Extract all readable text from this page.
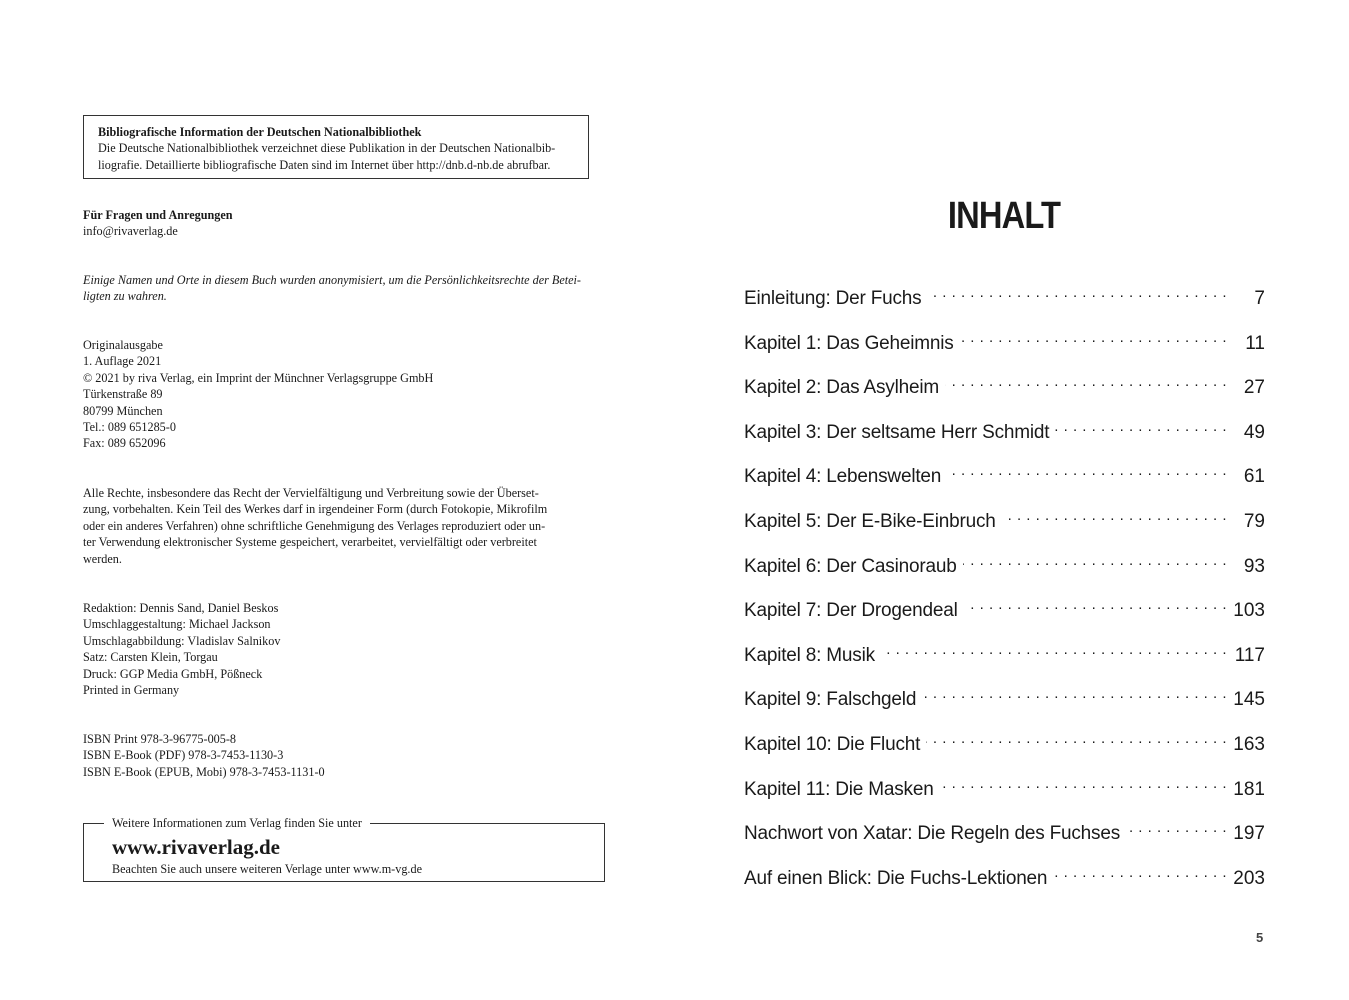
Bibliografische Information der Deutschen Nationalbibliothek
Die Deutsche Nationalbibliothek verzeichnet diese Publikation in der Deutschen Nationalbib-
liografie. Detaillierte bibliografische Daten sind im Internet über http://dnb.d-nb.de abrufbar.
Für Fragen und Anregungen
info@rivaverlag.de
Einige Namen und Orte in diesem Buch wurden anonymisiert, um die Persönlichkeitsrechte der Betei-
ligten zu wahren.
Originalausgabe
1. Auflage 2021
© 2021 by riva Verlag, ein Imprint der Münchner Verlagsgruppe GmbH
Türkenstraße 89
80799 München
Tel.: 089 651285-0
Fax: 089 652096
Alle Rechte, insbesondere das Recht der Vervielfältigung und Verbreitung sowie der Überset-
zung, vorbehalten. Kein Teil des Werkes darf in irgendeiner Form (durch Fotokopie, Mikrofilm
oder ein anderes Verfahren) ohne schriftliche Genehmigung des Verlages reproduziert oder un-
ter Verwendung elektronischer Systeme gespeichert, verarbeitet, vervielfältigt oder verbreitet
werden.
Redaktion: Dennis Sand, Daniel Beskos
Umschlaggestaltung: Michael Jackson
Umschlagabbildung: Vladislav Salnikov
Satz: Carsten Klein, Torgau
Druck: GGP Media GmbH, Pößneck
Printed in Germany
ISBN Print 978-3-96775-005-8
ISBN E-Book (PDF) 978-3-7453-1130-3
ISBN E-Book (EPUB, Mobi) 978-3-7453-1131-0
Weitere Informationen zum Verlag finden Sie unter
www.rivaverlag.de
Beachten Sie auch unsere weiteren Verlage unter www.m-vg.de
INHALT
Einleitung: Der Fuchs . . .	7
Kapitel 1: Das Geheimnis . . .	11
Kapitel 2: Das Asylheim . . .	27
Kapitel 3: Der seltsame Herr Schmidt . . .	49
Kapitel 4: Lebenswelten . . .	61
Kapitel 5: Der E-Bike-Einbruch . . .	79
Kapitel 6: Der Casinoraub . . .	93
Kapitel 7: Der Drogendeal . . .	103
Kapitel 8: Musik . . .	117
Kapitel 9: Falschgeld . . .	145
Kapitel 10: Die Flucht . . .	163
Kapitel 11: Die Masken . . .	181
Nachwort von Xatar: Die Regeln des Fuchses . . .	197
Auf einen Blick: Die Fuchs-Lektionen . . .	203
5
